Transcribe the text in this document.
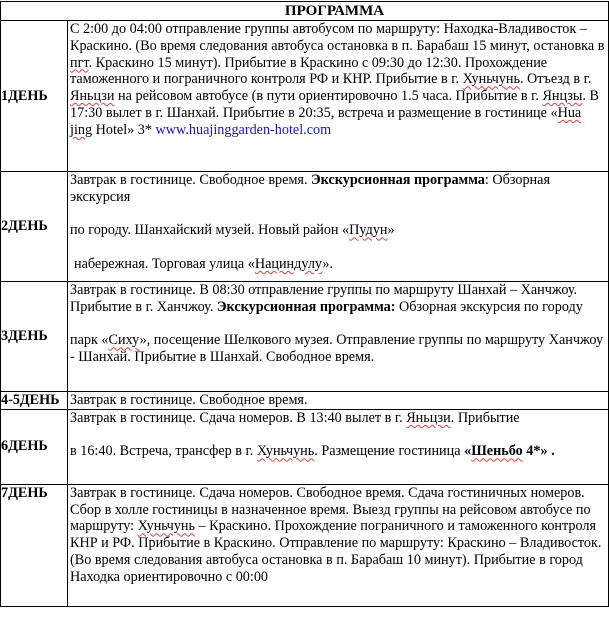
ПРОГРАММА	
1ДЕНЬ	С 2:00 до 04:00 отправление группы автобусом по маршруту: Находка-Владивосток – Краскино. (Во время следования автобуса остановка в п. Барабаш 15 минут, остановка в пгт. Краскино 15 минут). Прибытие в Краскино с 09:30 до 12:30. Прохождение таможенного и пограничного контроля РФ и КНР. Прибытие в г. Хуньчунь. Отъезд в г. Яньцзи на рейсовом автобусе (в пути ориентировочно 1.5 часа. Прибытие в г. Янцзы. В 17:30 вылет в г. Шанхай. Прибытие в 20:35, встреча и размещение в гостинице «Hua jing Hotel» 3* www.huajinggarden-hotel.com
2ДЕНЬ	Завтрак в гостинице. Свободное время. Экскурсионная программа: Обзорная экскурсия
по городу. Шанхайский музей. Новый район «Пудун»
набережная. Торговая улица «Нациндулу».
3ДЕНЬ	Завтрак в гостинице. В 08:30 отправление группы по маршруту Шанхай – Ханчжоу. Прибытие в г. Ханчжоу. Экскурсионная программа: Обзорная экскурсия по городу
парк «Сиху», посещение Шелкового музея. Отправление группы по маршруту Ханчжоу - Шанхай. Прибытие в Шанхай. Свободное время.
4-5ДЕНЬ	Завтрак в гостинице. Свободное время.
6ДЕНЬ	Завтрак в гостинице. Сдача номеров. В 13:40 вылет в г. Яньцзи. Прибытие
в 16:40. Встреча, трансфер в г. Хуньчунь. Размещение гостиница «Шеньбо 4*» .
7ДЕНЬ	Завтрак в гостинице. Сдача номеров. Свободное время. Сдача гостиничных номеров. Сбор в холле гостиницы в назначенное время. Выезд группы на рейсовом автобусе по маршруту: Хуньчунь – Краскино. Прохождение пограничного и таможенного контроля КНР и РФ. Прибытие в Краскино. Отправление по маршруту: Краскино – Владивосток.
(Во время следования автобуса остановка в п. Барабаш 10 минут). Прибытие в город Находка ориентировочно с 00:00
